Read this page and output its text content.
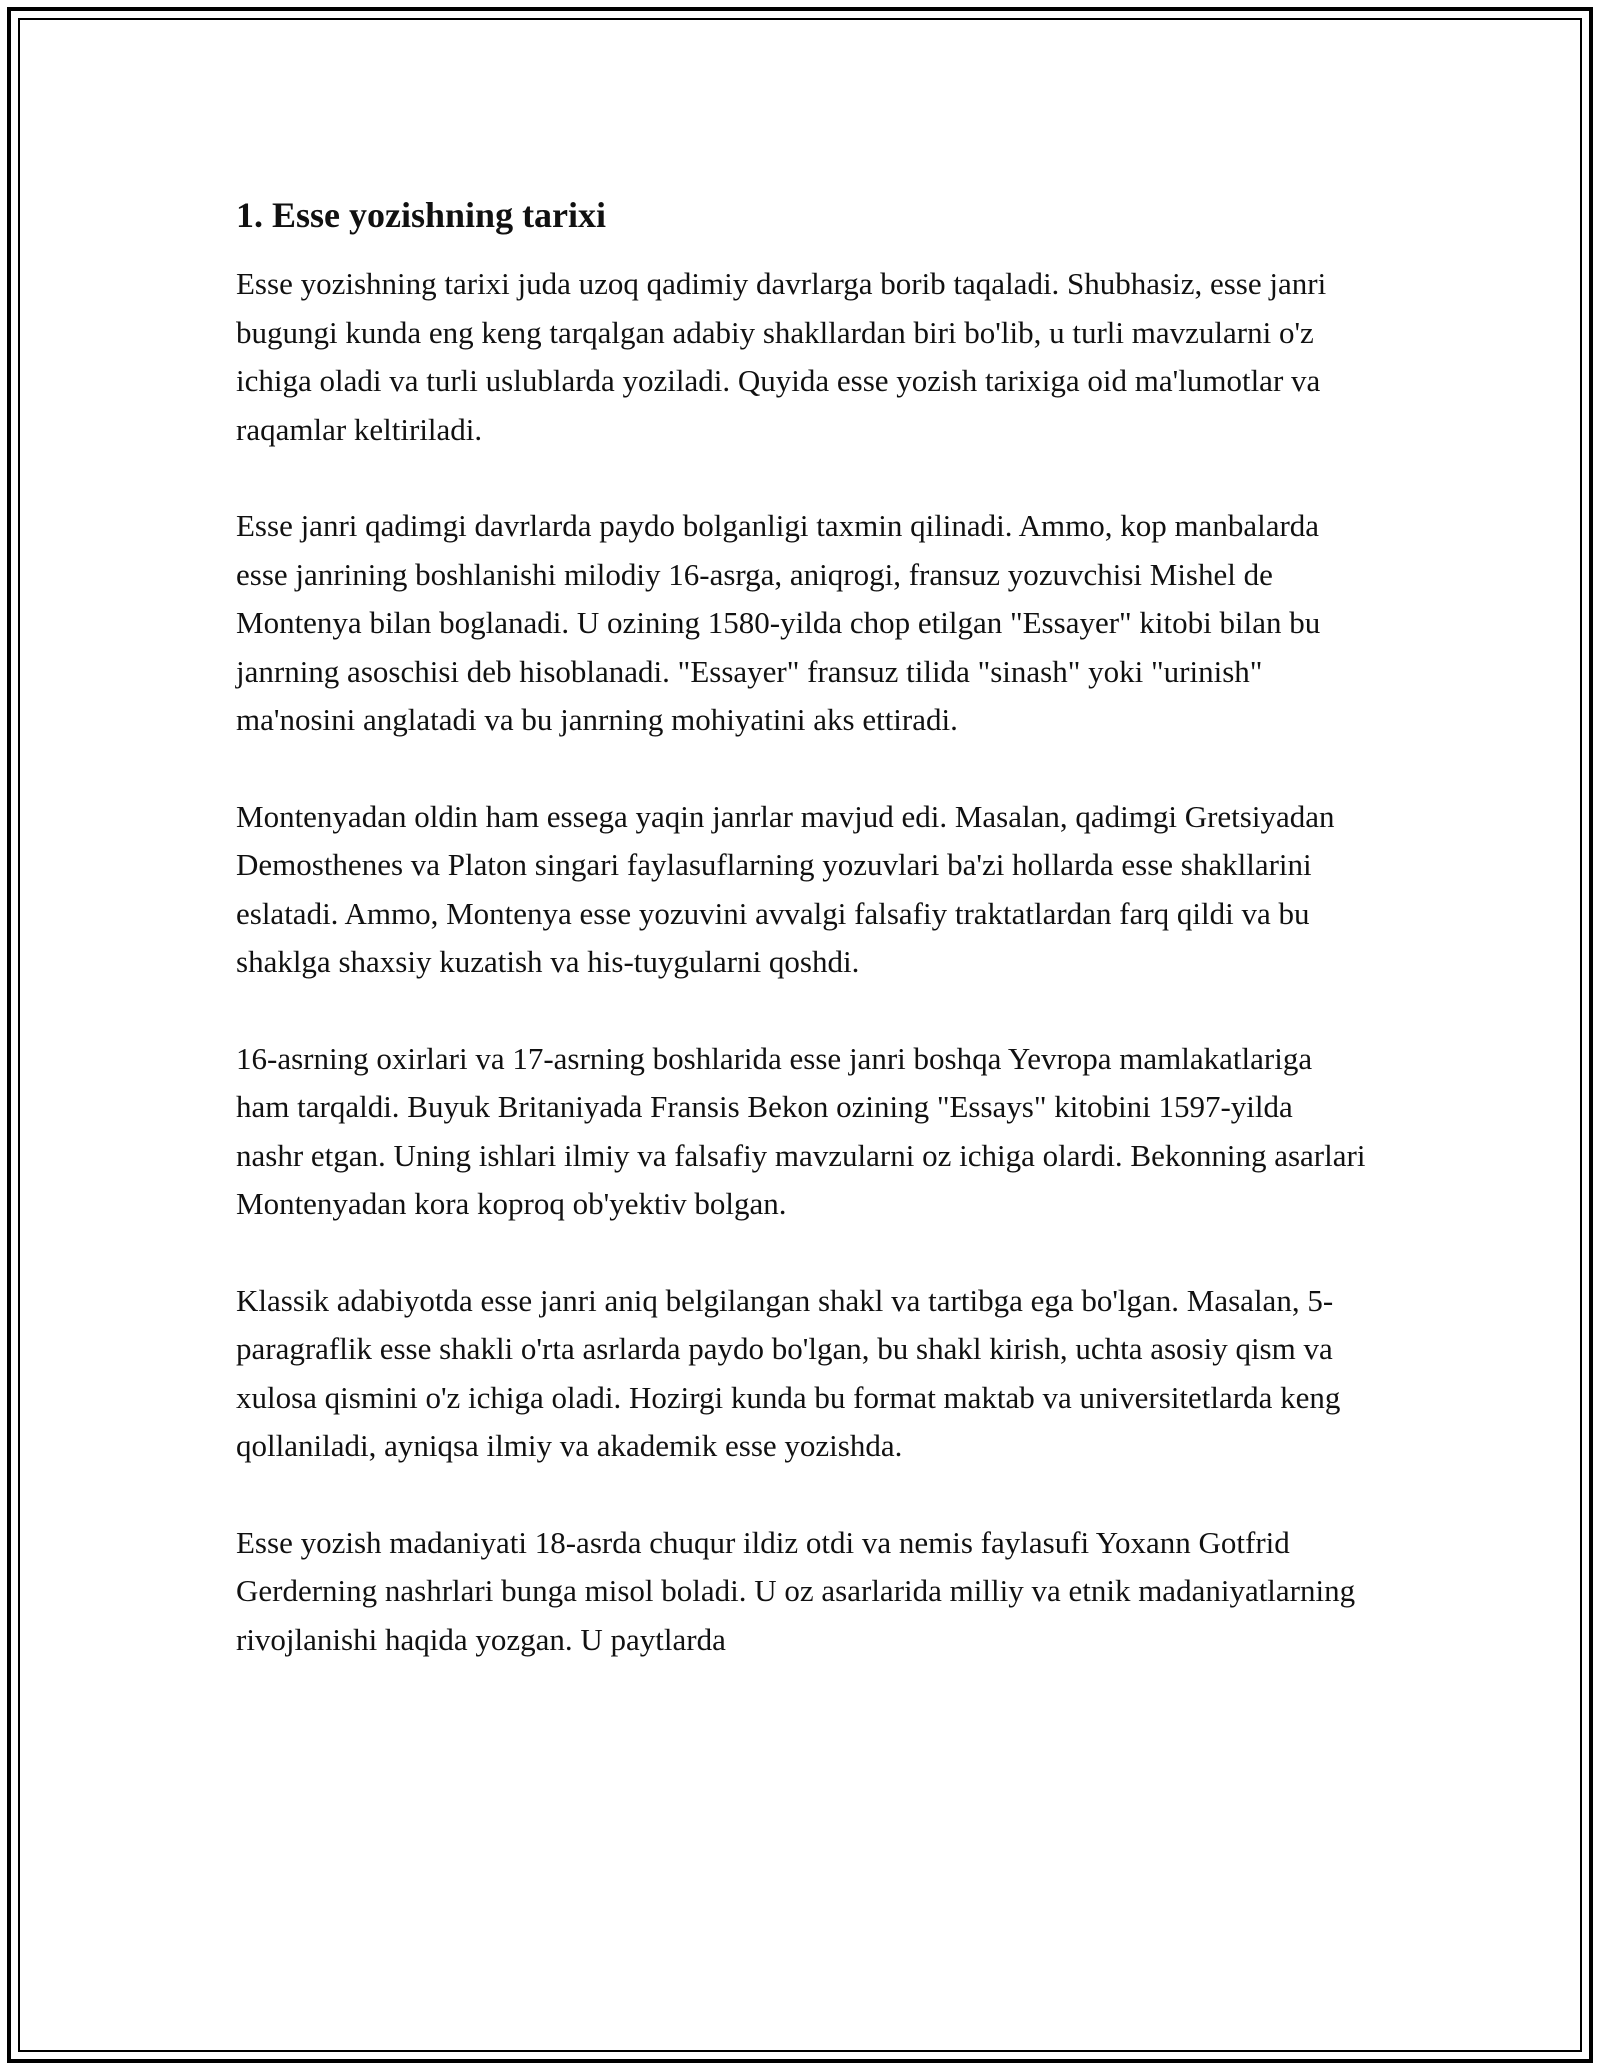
1. Esse yozishning tarixi

Esse yozishning tarixi juda uzoq qadimiy davrlarga borib taqaladi. Shubhasiz, esse janri bugungi kunda eng keng tarqalgan adabiy shakllardan biri bo'lib, u turli mavzularni o'z ichiga oladi va turli uslublarda yoziladi. Quyida esse yozish tarixiga oid ma'lumotlar va raqamlar keltiriladi.

Esse janri qadimgi davrlarda paydo bolganligi taxmin qilinadi. Ammo, kop manbalarda esse janrining boshlanishi milodiy 16-asrga, aniqrogi, fransuz yozuvchisi Mishel de Montenya bilan boglanadi. U ozining 1580-yilda chop etilgan "Essayer" kitobi bilan bu janrning asoschisi deb hisoblanadi. "Essayer" fransuz tilida "sinash" yoki "urinish" ma'nosini anglatadi va bu janrning mohiyatini aks ettiradi.

Montenyadan oldin ham essega yaqin janrlar mavjud edi. Masalan, qadimgi Gretsiyadan Demosthenes va Platon singari faylasuflarning yozuvlari ba'zi hollarda esse shakllarini eslatadi. Ammo, Montenya esse yozuvini avvalgi falsafiy traktatlardan farq qildi va bu shaklga shaxsiy kuzatish va his-tuygularni qoshdi.

16-asrning oxirlari va 17-asrning boshlarida esse janri boshqa Yevropa mamlakatlariga ham tarqaldi. Buyuk Britaniyada Fransis Bekon ozining "Essays" kitobini 1597-yilda nashr etgan. Uning ishlari ilmiy va falsafiy mavzularni oz ichiga olardi. Bekonning asarlari Montenyadan kora koproq ob'yektiv bolgan.

Klassik adabiyotda esse janri aniq belgilangan shakl va tartibga ega bo'lgan. Masalan, 5-paragraflik esse shakli o'rta asrlarda paydo bo'lgan, bu shakl kirish, uchta asosiy qism va xulosa qismini o'z ichiga oladi. Hozirgi kunda bu format maktab va universitetlarda keng qollaniladi, ayniqsa ilmiy va akademik esse yozishda.

Esse yozish madaniyati 18-asrda chuqur ildiz otdi va nemis faylasufi Yoxann Gotfrid Gerderning nashrlari bunga misol boladi. U oz asarlarida milliy va etnik madaniyatlarning rivojlanishi haqida yozgan. U paytlarda
